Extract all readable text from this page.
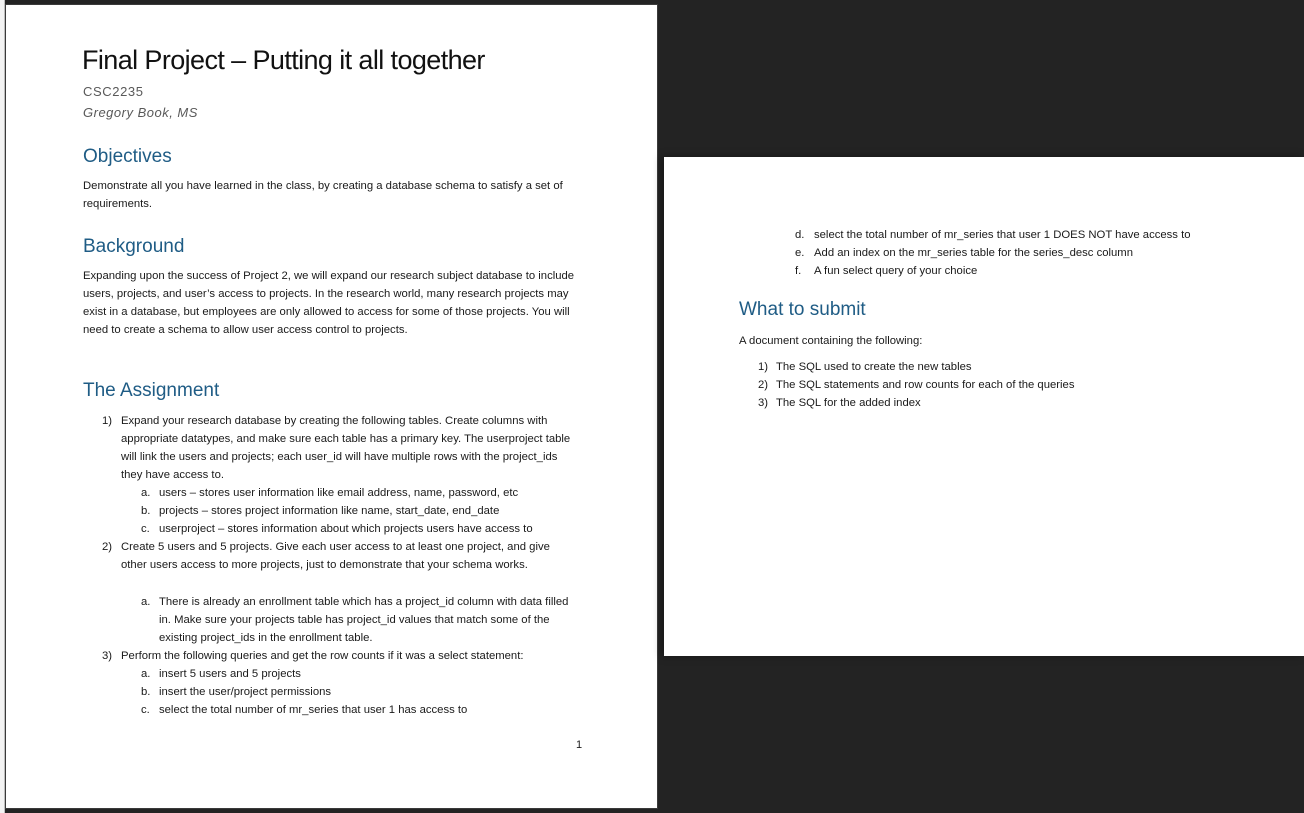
Final Project – Putting it all together
CSC2235
Gregory Book, MS
Objectives

Demonstrate all you have learned in the class, by creating a database schema to satisfy a set of requirements.

Background

Expanding upon the success of Project 2, we will expand our research subject database to include users, projects, and user’s access to projects. In the research world, many research projects may exist in a database, but employees are only allowed to access for some of those projects. You will need to create a schema to allow user access control to projects.

The Assignment
1) Expand your research database by creating the following tables. Create columns with appropriate datatypes, and make sure each table has a primary key. The userproject table will link the users and projects; each user_id will have multiple rows with the project_ids they have access to.

a. users – stores user information like email address, name, password, etc
b. projects – stores project information like name, start_date, end_date
c. userproject – stores information about which projects users have access to
2) Create 5 users and 5 projects. Give each user access to at least one project, and give other users access to more projects, just to demonstrate that your schema works.

a. There is already an enrollment table which has a project_id column with data filled in. Make sure your projects table has project_id values that match some of the existing project_ids in the enrollment table.

3) Perform the following queries and get the row counts if it was a select statement:
a. insert 5 users and 5 projects
b. insert the user/project permissions
c. select the total number of mr_series that user 1 has access to
1
d. select the total number of mr_series that user 1 DOES NOT have access to
e. Add an index on the mr_series table for the series_desc column
f. A fun select query of your choice
What to submit
A document containing the following:
1) The SQL used to create the new tables
2) The SQL statements and row counts for each of the queries
3) The SQL for the added index
